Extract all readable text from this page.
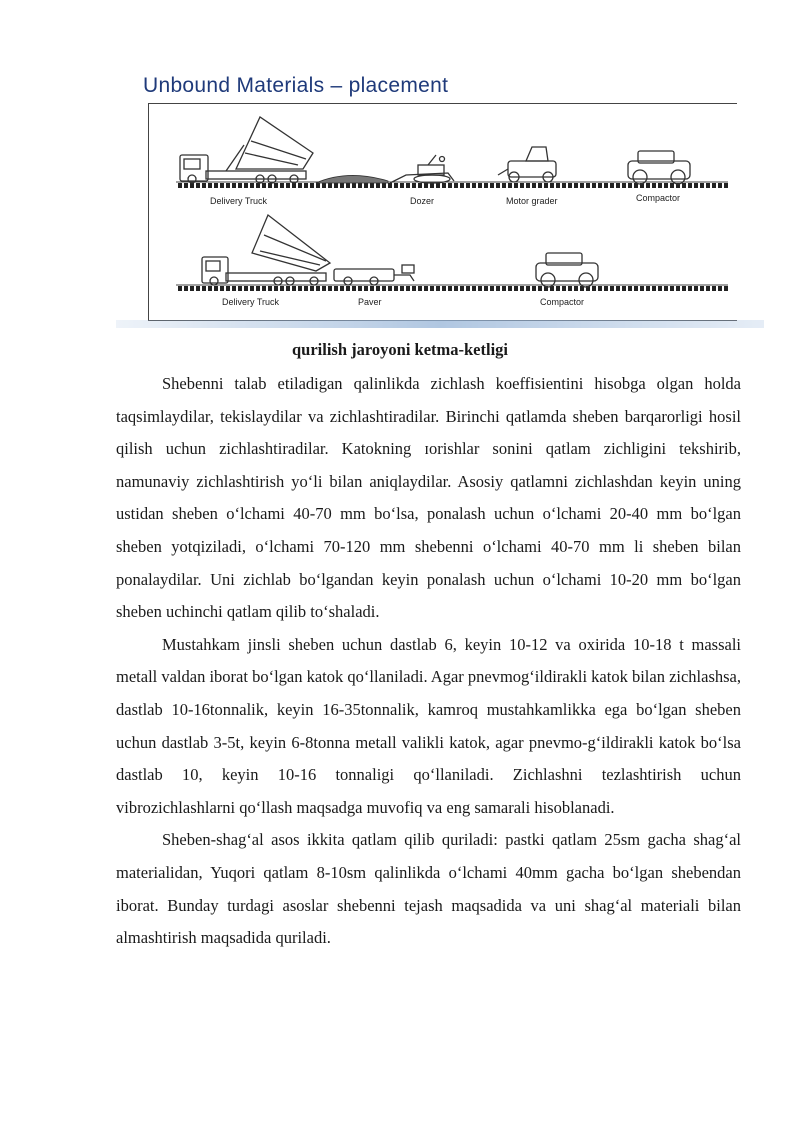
Unbound Materials – placement
Delivery Truck	Dozer	Motor grader	Compactor
Delivery Truck	Paver	Compactor
qurilish jaroyoni ketma-ketligi

Shebenni talab etiladigan qalinlikda zichlash koeffisientini hisobga olgan holda taqsimlaydilar, tekislaydilar va zichlashtiradilar. Birinchi qatlamda sheben barqarorligi hosil qilish uchun zichlashtiradilar. Katokning ɪorishlar sonini qatlam zichligini tekshirib, namunaviy zichlashtirish yo‘li bilan aniqlaydilar. Asosiy qatlamni zichlashdan keyin uning ustidan sheben o‘lchami 40-70 mm bo‘lsa, ponalash uchun o‘lchami 20-40 mm bo‘lgan sheben yotqiziladi, o‘lchami 70-120 mm shebenni o‘lchami 40-70 mm li sheben bilan ponalaydilar. Uni zichlab bo‘lgandan keyin ponalash uchun o‘lchami 10-20 mm bo‘lgan sheben uchinchi qatlam qilib to‘shaladi.

Mustahkam jinsli sheben uchun dastlab 6, keyin 10-12 va oxirida 10-18 t massali metall valdan iborat bo‘lgan katok qo‘llaniladi. Agar pnevmog‘ildirakli katok bilan zichlashsa, dastlab 10-16tonnalik, keyin 16-35tonnalik, kamroq mustahkamlikka ega bo‘lgan sheben uchun dastlab 3-5t, keyin 6-8tonna metall valikli katok, agar pnevmo-g‘ildirakli katok bo‘lsa dastlab 10, keyin 10-16 tonnaligi qo‘llaniladi. Zichlashni tezlashtirish uchun vibrozichlashlarni qo‘llash maqsadga muvofiq va eng samarali hisoblanadi.

Sheben-shag‘al asos ikkita qatlam qilib quriladi: pastki qatlam 25sm gacha shag‘al materialidan, Yuqori qatlam 8-10sm qalinlikda o‘lchami 40mm gacha bo‘lgan shebendan iborat. Bunday turdagi asoslar shebenni tejash maqsadida va uni shag‘al materiali bilan almashtirish maqsadida quriladi.
